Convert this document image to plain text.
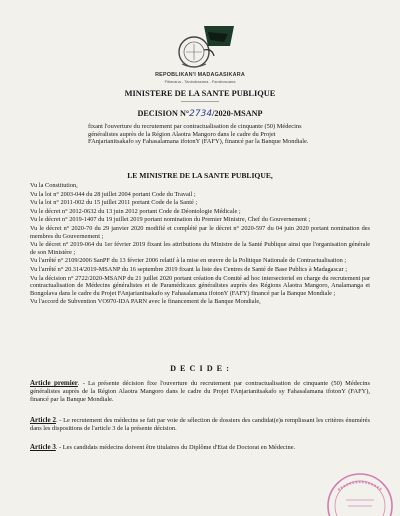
REPOBLIKAN'I MADAGASIKARA
Fitiavana - Tanindrazana - Fandrosoana
MINISTERE DE LA SANTE PUBLIQUE
-------------------
DECISION N°2734/2020-MSANP
fixant l'ouverture du recrutement par contractualisation de cinquante (50) Médecins généralistes auprès de la Région Alaotra Mangoro dans le cadre du Projet FAnjarianitsakafo sy Fahasalamana ifotonY (FAFY), financé par la Banque Mondiale.
LE MINISTRE DE LA SANTE PUBLIQUE,
Vu la Constitution,
Vu la loi n° 2003-044 du 28 juillet 2004 portant Code du Travail ;
Vu la loi n° 2011-002 du 15 juillet 2011 portant Code de la Santé ;
Vu le décret n° 2012-0632 du 13 juin 2012 portant Code de Déontologie Médicale ;
Vu le décret n° 2019-1407 du 19 juillet 2019 portant nomination du Premier Ministre, Chef du Gouvernement ;
Vu le décret n° 2020-70 du 29 janvier 2020 modifié et complété par le décret n° 2020-597 du 04 juin 2020 portant nomination des membres du Gouvernement ;
Vu le décret n° 2019-064 du 1er février 2019 fixant les attributions du Ministre de la Santé Publique ainsi que l'organisation générale de son Ministère ;
Vu l'arrêté n° 2109/2006 SanPF du 13 février 2006 relatif à la mise en œuvre de la Politique Nationale de Contractualisation ;
Vu l'arrêté n° 20.314/2019-MSANP du 16 septembre 2019 fixant la liste des Centres de Santé de Base Publics à Madagascar ;
Vu la décision n° 2722/2020-MSANP du 21 juillet 2020 portant création du Comité ad hoc intersectoriel en charge du recrutement par contractualisation de Médecins généralistes et de Paramédicaux généralistes auprès des Régions Alaotra Mangoro, Analamanga et Bongolava dans le cadre du Projet FAnjarianitsakafo sy Fahasalamana ifotonY (FAFY) financé par la Banque Mondiale ;
Vu l'accord de Subvention VO970-IDA PARN avec le financement de la Banque Mondiale,
D E C I D E :

Article premier. - La présente décision fixe l'ouverture du recrutement par contractualisation de cinquante (50) Médecins généralistes auprès de la Région Alaotra Mangoro dans le cadre du Projet FAnjarianitsakafo sy Fahasalamana ifotonY (FAFY), financé par la Banque Mondiale.

Article 2. - Le recrutement des médecins se fait par voie de sélection de dossiers des candidat(e)s remplissant les critères énumérés dans les dispositions de l'article 3 de la présente décision.

Article 3. - Les candidats médecins doivent être titulaires du Diplôme d'Etat de Doctorat en Médecine.
